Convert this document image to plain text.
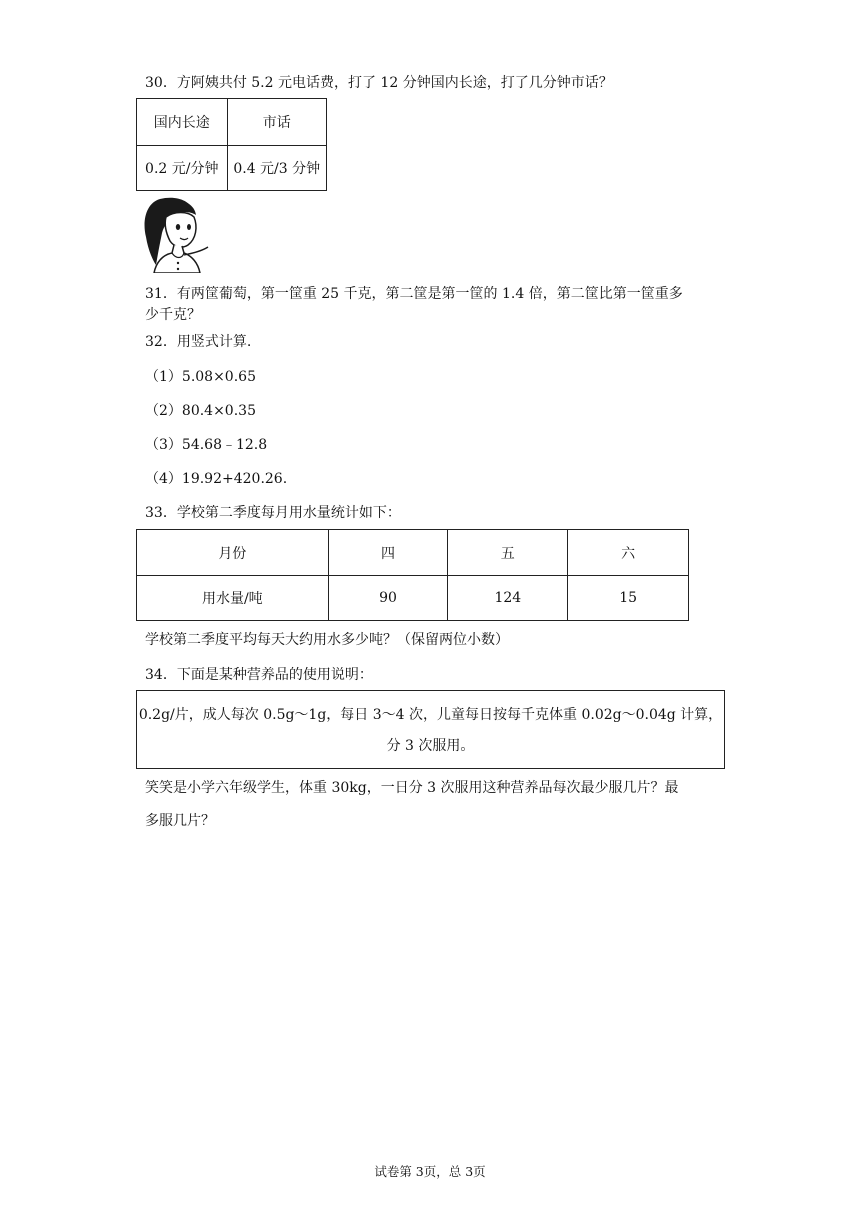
30．方阿姨共付 5.2 元电话费，打了 12 分钟国内长途，打了几分钟市话？
国内长途	市话
0.2 元/分钟	0.4 元/3 分钟
31．有两筐葡萄，第一筐重 25 千克，第二筐是第一筐的 1.4 倍，第二筐比第一筐重多
少千克？
32．用竖式计算.
（1）5.08×0.65
（2）80.4×0.35
（3）54.68﹣12.8
（4）19.92+420.26.
33．学校第二季度每月用水量统计如下：
月份	四	五	六
用水量/吨	90	124	15
学校第二季度平均每天大约用水多少吨？（保留两位小数）
34．下面是某种营养品的使用说明：
0.2g/片，成人每次 0.5g～1g，每日 3～4 次，儿童每日按每千克体重 0.02g～0.04g 计算，
分 3 次服用。
笑笑是小学六年级学生，体重 30kg，一日分 3 次服用这种营养品每次最少服几片？最
多服几片？
试卷第 3页，总 3页
